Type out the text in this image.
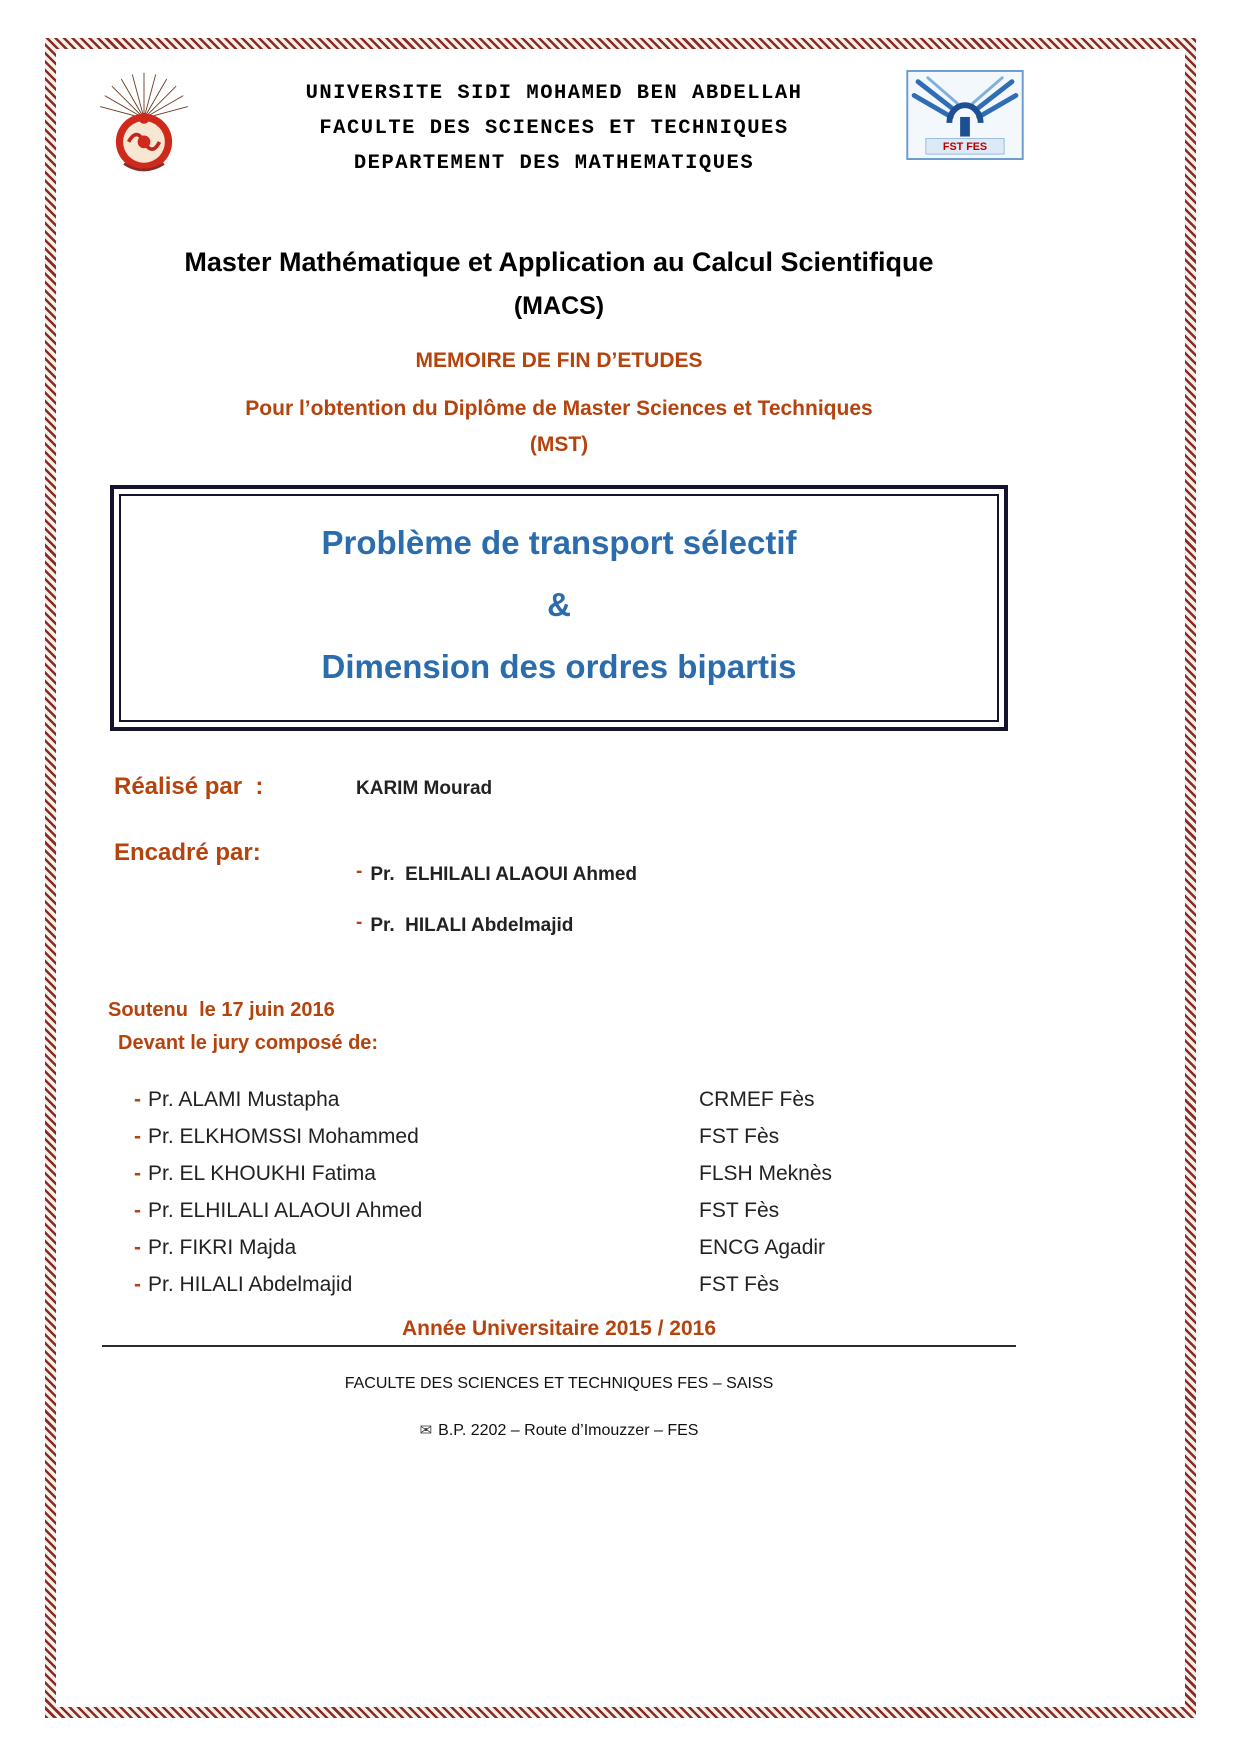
UNIVERSITE SIDI MOHAMED BEN ABDELLAH
FACULTE DES SCIENCES ET TECHNIQUES
DEPARTEMENT DES MATHEMATIQUES
FST FES
Master Mathématique et Application au Calcul Scientifique
(MACS)
MEMOIRE DE FIN D’ETUDES
Pour l’obtention du Diplôme de Master Sciences et Techniques
(MST)
Problème de transport sélectif
&
Dimension des ordres bipartis
Réalisé par  :	KARIM Mourad
Encadré par:
- Pr.  ELHILALI ALAOUI Ahmed
- Pr.  HILALI Abdelmajid
Soutenu  le 17 juin 2016
Devant le jury composé de:
- Pr. ALAMI Mustapha	CRMEF Fès
- Pr. ELKHOMSSI Mohammed	FST Fès
- Pr. EL KHOUKHI Fatima	FLSH Meknès
- Pr. ELHILALI ALAOUI Ahmed	FST Fès
- Pr. FIKRI Majda	ENCG Agadir
- Pr. HILALI Abdelmajid	FST Fès
Année Universitaire 2015 / 2016
FACULTE DES SCIENCES ET TECHNIQUES FES – SAISS
✉ B.P. 2202 – Route d’Imouzzer – FES
